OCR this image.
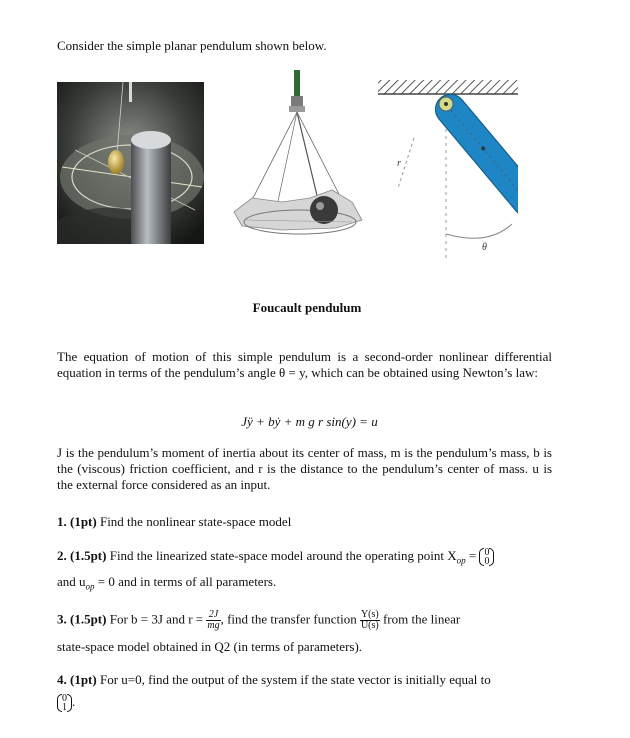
Consider the simple planar pendulum shown below.
r
θ
Foucault pendulum
The equation of motion of this simple pendulum is a second-order nonlinear differential equation in terms of the pendulum’s angle θ = y, which can be obtained using Newton’s law:
Jÿ + bẏ + m g r sin(y) = u
J is the pendulum’s moment of inertia about its center of mass, m is the pendulum’s mass, b is the (viscous) friction coefficient, and r is the distance to the pendulum’s center of mass. u is the external force considered as an input.
1. (1pt) Find the nonlinear state-space model
2. (1.5pt) Find the linearized state-space model around the operating point $X_{op} = 0$
0
and $u_{op} = 0$ and in terms of all parameters.
3. (1.5pt) For b = 3J and $r = \frac{2J}{mg}$ , find the transfer function $\frac{Y(s)}{U(s)}$ from the linear
state-space model obtained in Q2 (in terms of parameters).
4. (1pt) For u=0, find the output of the system if the state vector is initially equal to
0
1 .
